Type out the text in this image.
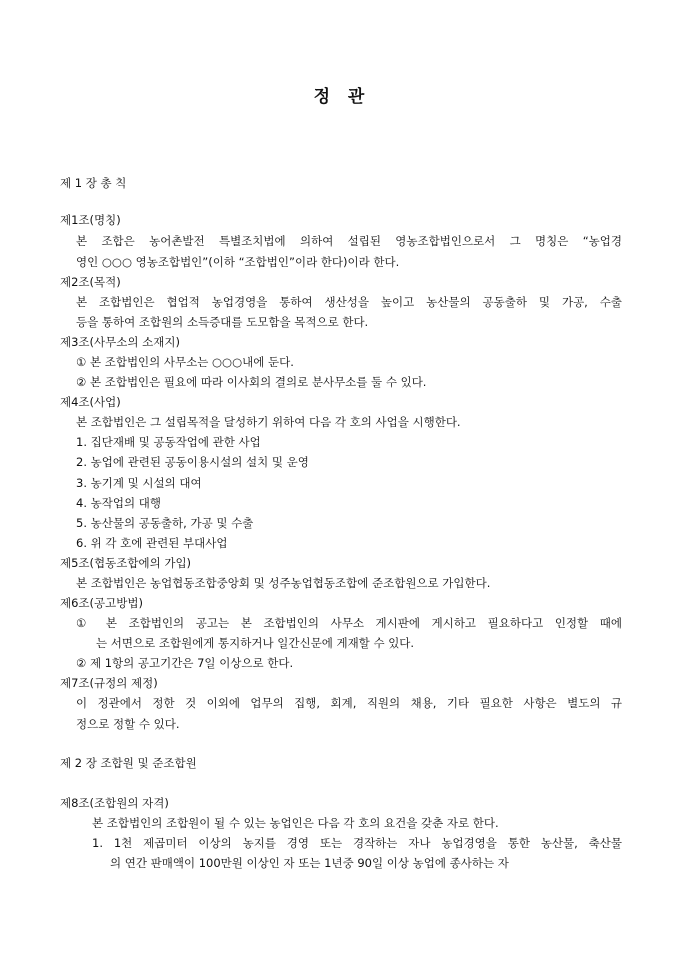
정  관
제 1 장 총 칙
제1조(명칭)
본 조합은 농어촌발전 특별조치법에 의하여 설립된 영농조합법인으로서 그 명칭은 “농업경
영인 ○○○ 영농조합법인”(이하 “조합법인”이라 한다)이라 한다.
제2조(목적)
본 조합법인은 협업적 농업경영을 통하여 생산성을 높이고 농산물의 공동출하 및 가공, 수출
등을 통하여 조합원의 소득증대를 도모함을 목적으로 한다.
제3조(사무소의 소재지)
① 본 조합법인의 사무소는 ○○○내에 둔다.
② 본 조합법인은 필요에 따라 이사회의 결의로 분사무소를 둘 수 있다.
제4조(사업)
본 조합법인은 그 설립목적을 달성하기 위하여 다음 각 호의 사업을 시행한다.
1. 집단재배 및 공동작업에 관한 사업
2. 농업에 관련된 공동이용시설의 설치 및 운영
3. 농기계 및 시설의 대여
4. 농작업의 대행
5. 농산물의 공동출하, 가공 및 수출
6. 위 각 호에 관련된 부대사업
제5조(협동조합에의 가입)
본 조합법인은 농업협동조합중앙회 및 성주농업협동조합에 준조합원으로 가입한다.
제6조(공고방법)
① 본 조합법인의 공고는 본 조합법인의 사무소 게시판에 게시하고 필요하다고 인정할 때에
는 서면으로 조합원에게 통지하거나 일간신문에 게재할 수 있다.
② 제 1항의 공고기간은 7일 이상으로 한다.
제7조(규정의 제정)
이 정관에서 정한 것 이외에 업무의 집행, 회계, 직원의 채용, 기타 필요한 사항은 별도의 규
정으로 정할 수 있다.
제 2 장 조합원 및 준조합원
제8조(조합원의 자격)
본 조합법인의 조합원이 될 수 있는 농업인은 다음 각 호의 요건을 갖춘 자로 한다.
1. 1천 제곱미터 이상의 농지를 경영 또는 경작하는 자나 농업경영을 통한 농산물, 축산물
의 연간 판매액이 100만원 이상인 자 또는 1년중 90일 이상 농업에 종사하는 자
